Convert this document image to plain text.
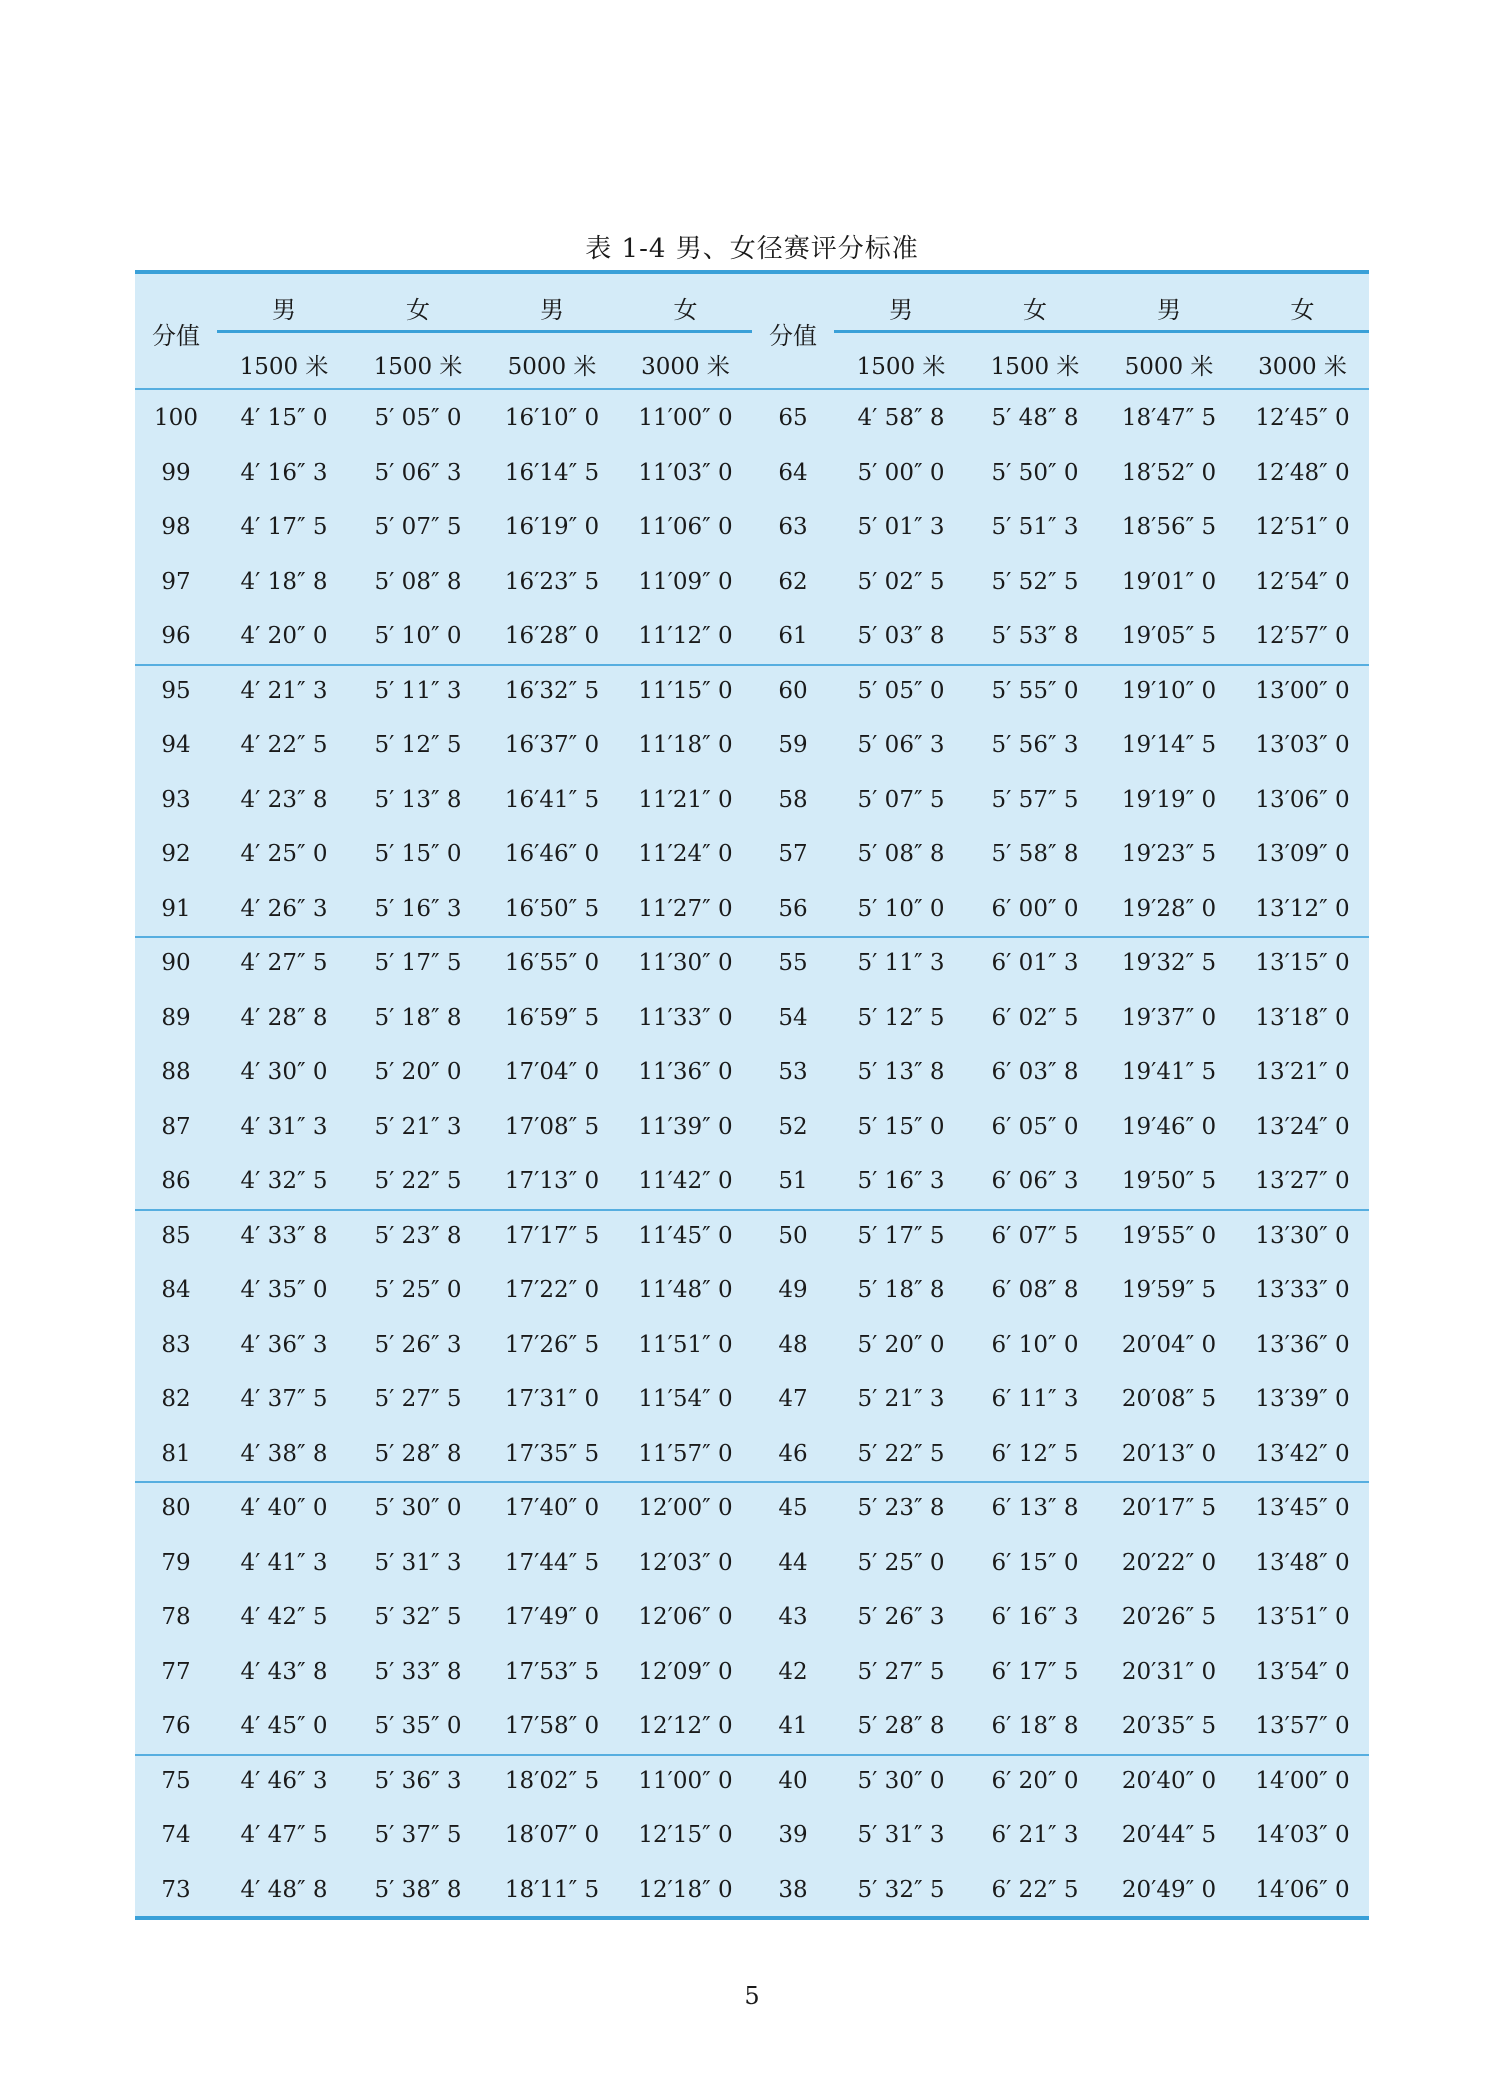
表 1-4 男、女径赛评分标准
分值	分值
男	女	男	女	男	女	男	女
1500 米	1500 米	5000 米	3000 米	1500 米	1500 米	5000 米	3000 米
100	4′ 15″ 0	5′ 05″ 0	16′10″ 0	11′00″ 0	65	4′ 58″ 8	5′ 48″ 8	18′47″ 5	12′45″ 0
99	4′ 16″ 3	5′ 06″ 3	16′14″ 5	11′03″ 0	64	5′ 00″ 0	5′ 50″ 0	18′52″ 0	12′48″ 0
98	4′ 17″ 5	5′ 07″ 5	16′19″ 0	11′06″ 0	63	5′ 01″ 3	5′ 51″ 3	18′56″ 5	12′51″ 0
97	4′ 18″ 8	5′ 08″ 8	16′23″ 5	11′09″ 0	62	5′ 02″ 5	5′ 52″ 5	19′01″ 0	12′54″ 0
96	4′ 20″ 0	5′ 10″ 0	16′28″ 0	11′12″ 0	61	5′ 03″ 8	5′ 53″ 8	19′05″ 5	12′57″ 0
95	4′ 21″ 3	5′ 11″ 3	16′32″ 5	11′15″ 0	60	5′ 05″ 0	5′ 55″ 0	19′10″ 0	13′00″ 0
94	4′ 22″ 5	5′ 12″ 5	16′37″ 0	11′18″ 0	59	5′ 06″ 3	5′ 56″ 3	19′14″ 5	13′03″ 0
93	4′ 23″ 8	5′ 13″ 8	16′41″ 5	11′21″ 0	58	5′ 07″ 5	5′ 57″ 5	19′19″ 0	13′06″ 0
92	4′ 25″ 0	5′ 15″ 0	16′46″ 0	11′24″ 0	57	5′ 08″ 8	5′ 58″ 8	19′23″ 5	13′09″ 0
91	4′ 26″ 3	5′ 16″ 3	16′50″ 5	11′27″ 0	56	5′ 10″ 0	6′ 00″ 0	19′28″ 0	13′12″ 0
90	4′ 27″ 5	5′ 17″ 5	16′55″ 0	11′30″ 0	55	5′ 11″ 3	6′ 01″ 3	19′32″ 5	13′15″ 0
89	4′ 28″ 8	5′ 18″ 8	16′59″ 5	11′33″ 0	54	5′ 12″ 5	6′ 02″ 5	19′37″ 0	13′18″ 0
88	4′ 30″ 0	5′ 20″ 0	17′04″ 0	11′36″ 0	53	5′ 13″ 8	6′ 03″ 8	19′41″ 5	13′21″ 0
87	4′ 31″ 3	5′ 21″ 3	17′08″ 5	11′39″ 0	52	5′ 15″ 0	6′ 05″ 0	19′46″ 0	13′24″ 0
86	4′ 32″ 5	5′ 22″ 5	17′13″ 0	11′42″ 0	51	5′ 16″ 3	6′ 06″ 3	19′50″ 5	13′27″ 0
85	4′ 33″ 8	5′ 23″ 8	17′17″ 5	11′45″ 0	50	5′ 17″ 5	6′ 07″ 5	19′55″ 0	13′30″ 0
84	4′ 35″ 0	5′ 25″ 0	17′22″ 0	11′48″ 0	49	5′ 18″ 8	6′ 08″ 8	19′59″ 5	13′33″ 0
83	4′ 36″ 3	5′ 26″ 3	17′26″ 5	11′51″ 0	48	5′ 20″ 0	6′ 10″ 0	20′04″ 0	13′36″ 0
82	4′ 37″ 5	5′ 27″ 5	17′31″ 0	11′54″ 0	47	5′ 21″ 3	6′ 11″ 3	20′08″ 5	13′39″ 0
81	4′ 38″ 8	5′ 28″ 8	17′35″ 5	11′57″ 0	46	5′ 22″ 5	6′ 12″ 5	20′13″ 0	13′42″ 0
80	4′ 40″ 0	5′ 30″ 0	17′40″ 0	12′00″ 0	45	5′ 23″ 8	6′ 13″ 8	20′17″ 5	13′45″ 0
79	4′ 41″ 3	5′ 31″ 3	17′44″ 5	12′03″ 0	44	5′ 25″ 0	6′ 15″ 0	20′22″ 0	13′48″ 0
78	4′ 42″ 5	5′ 32″ 5	17′49″ 0	12′06″ 0	43	5′ 26″ 3	6′ 16″ 3	20′26″ 5	13′51″ 0
77	4′ 43″ 8	5′ 33″ 8	17′53″ 5	12′09″ 0	42	5′ 27″ 5	6′ 17″ 5	20′31″ 0	13′54″ 0
76	4′ 45″ 0	5′ 35″ 0	17′58″ 0	12′12″ 0	41	5′ 28″ 8	6′ 18″ 8	20′35″ 5	13′57″ 0
75	4′ 46″ 3	5′ 36″ 3	18′02″ 5	11′00″ 0	40	5′ 30″ 0	6′ 20″ 0	20′40″ 0	14′00″ 0
74	4′ 47″ 5	5′ 37″ 5	18′07″ 0	12′15″ 0	39	5′ 31″ 3	6′ 21″ 3	20′44″ 5	14′03″ 0
73	4′ 48″ 8	5′ 38″ 8	18′11″ 5	12′18″ 0	38	5′ 32″ 5	6′ 22″ 5	20′49″ 0	14′06″ 0
5
